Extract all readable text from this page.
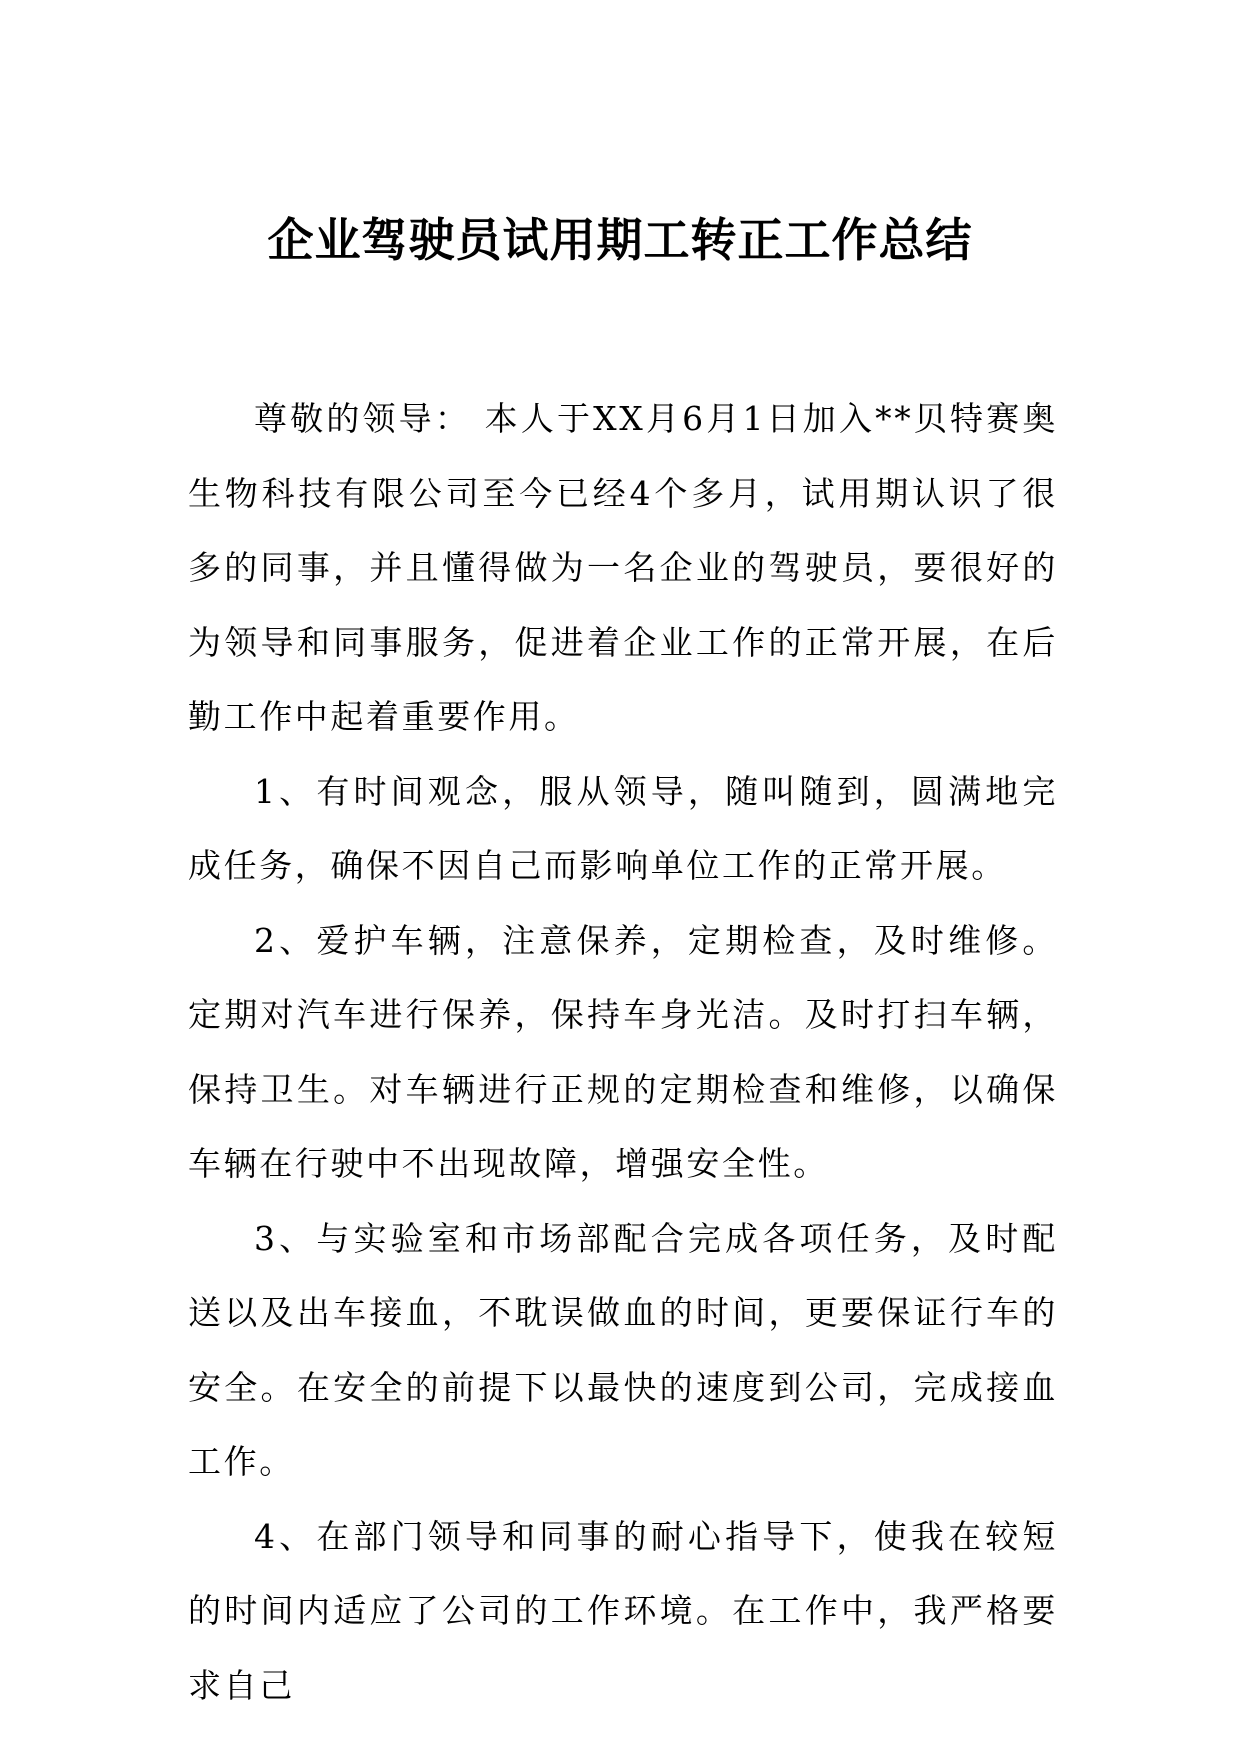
企业驾驶员试用期工转正工作总结

尊敬的领导： 本人于XX月6月1日加入**贝特赛奥生物科技有限公司至今已经4个多月，试用期认识了很多的同事，并且懂得做为一名企业的驾驶员，要很好的为领导和同事服务，促进着企业工作的正常开展，在后勤工作中起着重要作用。

1、有时间观念，服从领导，随叫随到，圆满地完成任务，确保不因自己而影响单位工作的正常开展。

2、爱护车辆，注意保养，定期检查，及时维修。定期对汽车进行保养，保持车身光洁。及时打扫车辆，保持卫生。对车辆进行正规的定期检查和维修，以确保车辆在行驶中不出现故障，增强安全性。

3、与实验室和市场部配合完成各项任务，及时配送以及出车接血，不耽误做血的时间，更要保证行车的安全。在安全的前提下以最快的速度到公司，完成接血工作。

4、在部门领导和同事的耐心指导下，使我在较短的时间内适应了公司的工作环境。在工作中，我严格要求自己
